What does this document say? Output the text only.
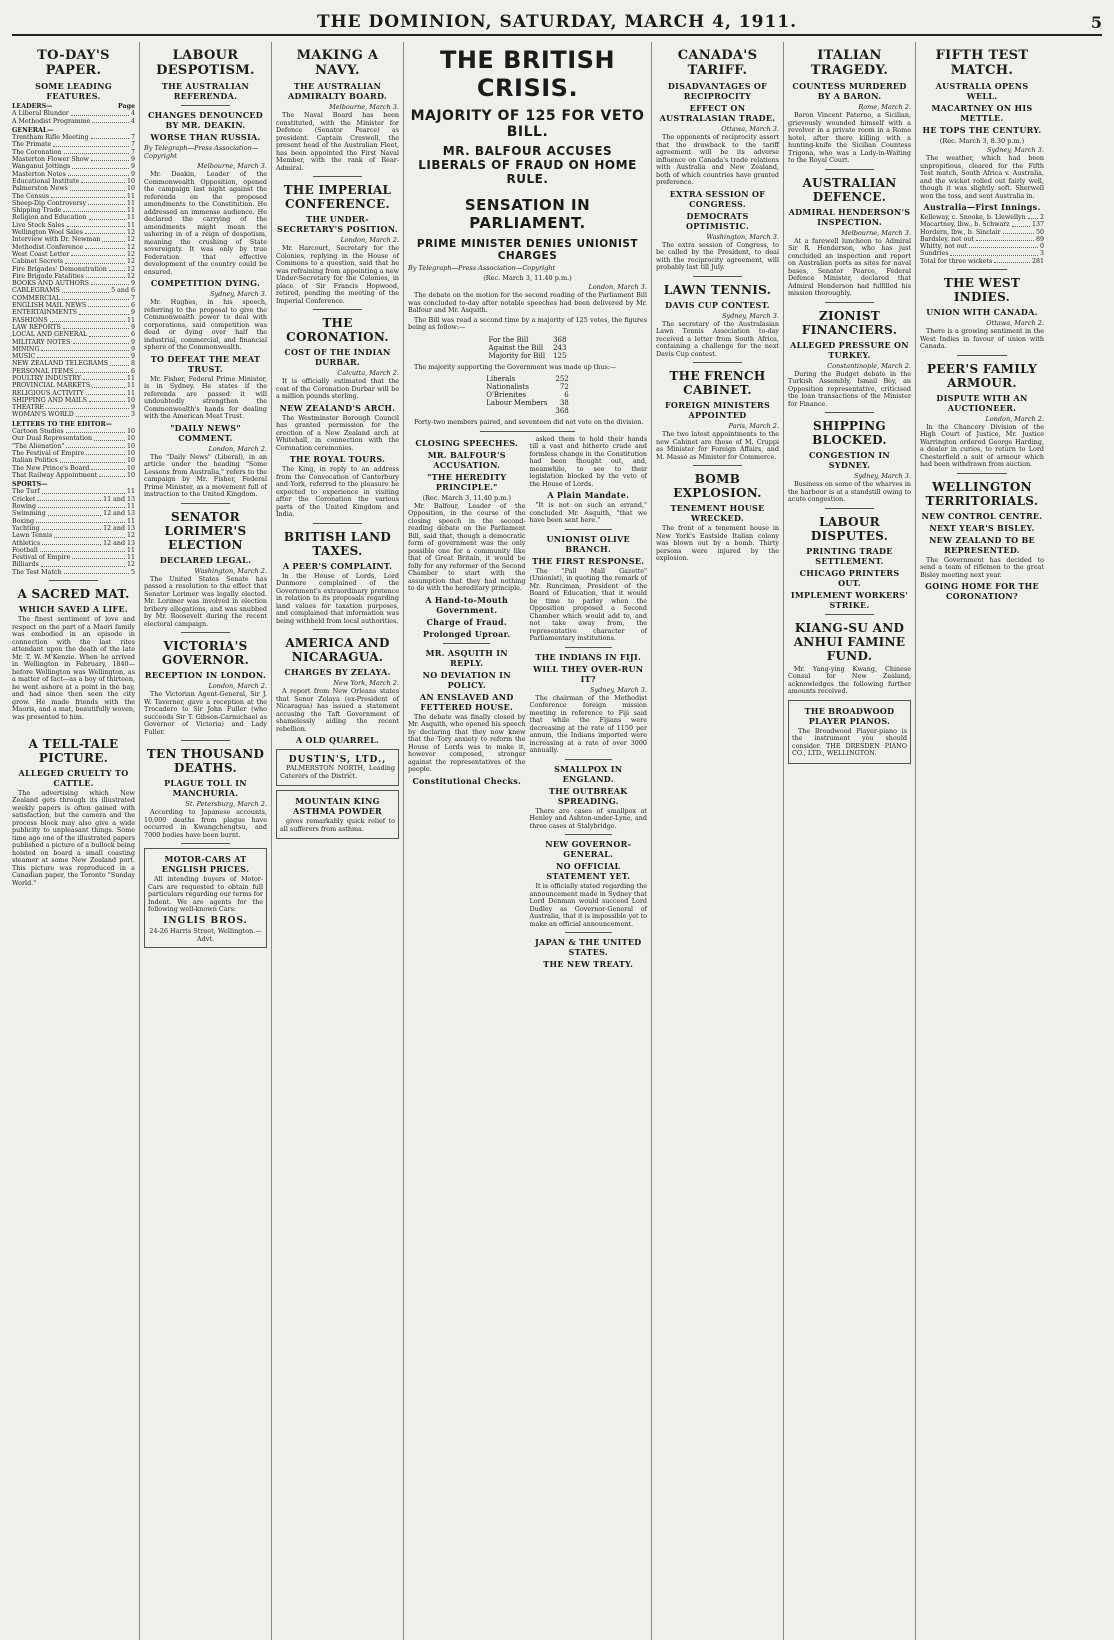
THE DOMINION, SATURDAY, MARCH 4, 1911.	5
TO-DAY'S PAPER.
SOME LEADING FEATURES.
LEADERS—	Page
A Liberal Blunder	4
A Methodist Programme	4
GENERAL—
Trentham Rifle Meeting	7
The Primate	7
The Coronation	7
Masterton Flower Show	9
Wanganui Jottings	9
Masterton Notes	9
Educational Institute	10
Palmerston News	10
The Census	11
Sheep-Dip Controversy	11
Shipping Trade	11
Religion and Education	11
Live Stock Sales	11
Wellington Wool Sales	12
Interview with Dr. Newman	12
Methodist Conference	12
West Coast Letter	12
Cabinet Secrets	12
Fire Brigades' Demonstration	12
Fire Brigade Fatalities	12
BOOKS AND AUTHORS	9
CABLEGRAMS	5 and 6
COMMERCIAL	7
ENGLISH MAIL NEWS	6
ENTERTAINMENTS	9
FASHIONS	11
LAW REPORTS	9
LOCAL AND GENERAL	6
MILITARY NOTES	9
MINING	9
MUSIC	9
NEW ZEALAND TELEGRAMS	8
PERSONAL ITEMS	6
POULTRY INDUSTRY	11
PROVINCIAL MARKETS	11
RELIGIOUS ACTIVITY	11
SHIPPING AND MAILS	10
THEATRE	9
WOMAN'S WORLD	3
LETTERS TO THE EDITOR—
Cartoon Studies	10
Our Dual Representation	10
"The Alienation"	10
The Festival of Empire	10
Italian Politics	10
The New Prince's Board	10
That Railway Appointment	10
SPORTS—
The Turf	11
Cricket	11 and 13
Rowing	11
Swimming	12 and 13
Boxing	11
Yachting	12 and 13
Lawn Tennis	12
Athletics	12 and 13
Football	11
Festival of Empire	11
Billiards	12
The Test Match	5
A SACRED MAT.
WHICH SAVED A LIFE.

The finest sentiment of love and respect on the part of a Maori family was embodied in an episode in connection with the last rites attendant upon the death of the late Mr. T. W. M'Kenzie. When he arrived in Wellington in February, 1840—before Wellington was Wellington, as a matter of fact—as a boy of thirteen, he went ashore at a point in the bay, and had since then seen the city grow. He made friends with the Maoris, and a mat, beautifully woven, was presented to him.

A TELL-TALE PICTURE.
ALLEGED CRUELTY TO CATTLE.

The advertising which New Zealand gets through its illustrated weekly papers is often gained with satisfaction, but the camera and the process block may also give a wide publicity to unpleasant things. Some time ago one of the illustrated papers published a picture of a bullock being hoisted on board a small coasting steamer at some New Zealand port. This picture was reproduced in a Canadian paper, the Toronto "Sunday World."

LABOUR DESPOTISM.
THE AUSTRALIAN REFERENDA.
CHANGES DENOUNCED BY MR. DEAKIN.
WORSE THAN RUSSIA.
By Telegraph—Press Association—Copyright
Melbourne, March 3.

Mr. Deakin, Leader of the Commonwealth Opposition, opened the campaign last night against the referenda on the proposed amendments to the Constitution. He addressed an immense audience. He declared the carrying of the amendments might mean the ushering in of a reign of despotism, meaning the crushing of State sovereignty. It was only by true Federation that effective development of the country could be ensured.

COMPETITION DYING.
Sydney, March 3.

Mr. Hughes, in his speech, referring to the proposal to give the Commonwealth power to deal with corporations, said competition was dead or dying over half the industrial, commercial, and financial sphere of the Commonwealth.

TO DEFEAT THE MEAT TRUST.

Mr. Fisher, Federal Prime Minister, is in Sydney. He states if the referenda are passed it will undoubtedly strengthen the Commonwealth's hands for dealing with the American Meat Trust.

"DAILY NEWS" COMMENT.
London, March 2.

The "Daily News" (Liberal), in an article under the heading "Some Lessons from Australia," refers to the campaign by Mr. Fisher, Federal Prime Minister, as a movement full of instruction to the United Kingdom.

SENATOR LORIMER'S ELECTION
DECLARED LEGAL.
Washington, March 2.

The United States Senate has passed a resolution to the effect that Senator Lorimer was legally elected. Mr. Lorimer was involved in election bribery allegations, and was snubbed by Mr. Roosevelt during the recent electoral campaign.

VICTORIA'S GOVERNOR.
RECEPTION IN LONDON.
London, March 2.

The Victorian Agent-General, Sir J. W. Taverner, gave a reception at the Trocadero to Sir John Fuller (who succeeds Sir T. Gibson-Carmichael as Governor of Victoria) and Lady Fuller.

TEN THOUSAND DEATHS.
PLAGUE TOLL IN MANCHURIA.
St. Petersburg, March 2.

According to Japanese accounts, 10,000 deaths from plague have occurred in Kwangchengtsu, and 7000 bodies have been burnt.

MOTOR-CARS AT ENGLISH PRICES.

All intending buyers of Motor-Cars are requested to obtain full particulars regarding our terms for Indent. We are agents for the following well-known Cars:

INGLIS BROS.
24-26 Harris Street, Wellington.—Advt.
MAKING A NAVY.
THE AUSTRALIAN ADMIRALTY BOARD.
Melbourne, March 3.

The Naval Board has been constituted, with the Minister for Defence (Senator Pearce) as president. Captain Creswell, the present head of the Australian Fleet, has been appointed the First Naval Member, with the rank of Rear-Admiral.

THE IMPERIAL CONFERENCE.
THE UNDER-SECRETARY'S POSITION.
London, March 2.

Mr. Harcourt, Secretary for the Colonies, replying in the House of Commons to a question, said that he was refraining from appointing a new Under-Secretary for the Colonies, in place of Sir Francis Hopwood, retired, pending the meeting of the Imperial Conference.

THE CORONATION.
COST OF THE INDIAN DURBAR.
Calcutta, March 2.

It is officially estimated that the cost of the Coronation Durbar will be a million pounds sterling.

NEW ZEALAND'S ARCH.

The Westminster Borough Council has granted permission for the erection of a New Zealand arch at Whitehall, in connection with the Coronation ceremonies.

THE ROYAL TOURS.

The King, in reply to an address from the Convocation of Canterbury and York, referred to the pleasure he expected to experience in visiting after the Coronation the various parts of the United Kingdom and India.

BRITISH LAND TAXES.
A PEER'S COMPLAINT.

In the House of Lords, Lord Dunmore complained of the Government's extraordinary pretence in relation to its proposals regarding land values for taxation purposes, and complained that information was being withheld from local authorities.

AMERICA AND NICARAGUA.
CHARGES BY ZELAYA.
New York, March 2.

A report from New Orleans states that Senor Zelaya (ex-President of Nicaragua) has issued a statement accusing the Taft Government of shamelessly aiding the recent rebellion.

A OLD QUARREL.
DUSTIN'S, LTD.,

PALMERSTON NORTH, Leading Caterers of the District.

MOUNTAIN KING ASTHMA POWDER

gives remarkably quick relief to all sufferers from asthma.

THE BRITISH CRISIS.
MAJORITY OF 125 FOR VETO BILL.
MR. BALFOUR ACCUSES LIBERALS OF FRAUD ON HOME RULE.
SENSATION IN PARLIAMENT.
PRIME MINISTER DENIES UNIONIST CHARGES
By Telegraph—Press Association—Copyright
(Rec. March 3, 11.40 p.m.)
London, March 3.

The debate on the motion for the second reading of the Parliament Bill was concluded to-day after notable speeches had been delivered by Mr. Balfour and Mr. Asquith.

The Bill was read a second time by a majority of 125 votes, the figures being as follow:—

For the Bill	368
Against the Bill	243
Majority for Bill	125

The majority supporting the Government was made up thus:—

Liberals	252
Nationalists	72
O'Brienites	6
Labour Members	38
	368

Forty-two members paired, and seventeen did not vote on the division.

CLOSING SPEECHES.
MR. BALFOUR'S ACCUSATION.
"THE HEREDITY PRINCIPLE."
(Rec. March 3, 11.40 p.m.)

Mr. Balfour, Leader of the Opposition, in the course of the closing speech in the second-reading debate on the Parliament Bill, said that, though a democratic form of government was the only possible one for a community like that of Great Britain, it would be folly for any reformer of the Second Chamber to start with the assumption that they had nothing to do with the hereditary principle.

A Hand-to-Mouth Government.
Charge of Fraud.
Prolonged Uproar.
MR. ASQUITH IN REPLY.
NO DEVIATION IN POLICY.
AN ENSLAVED AND FETTERED HOUSE.

The debate was finally closed by Mr. Asquith, who opened his speech by declaring that they now knew that the Tory anxiety to reform the House of Lords was to make it, however composed, stronger against the representatives of the people.

Constitutional Checks.

asked them to hold their hands till a vast and hitherto crude and formless change in the Constitution had been thought out, and, meanwhile, to see to their legislation blocked by the veto of the House of Lords.

A Plain Mandate.

"It is not on such an errand," concluded Mr. Asquith, "that we have been sent here."

UNIONIST OLIVE BRANCH.
THE FIRST RESPONSE.

The "Pall Mall Gazette" (Unionist), in quoting the remark of Mr. Runciman, President of the Board of Education, that it would be time to parley when the Opposition proposed a Second Chamber which would add to, and not take away from, the representative character of Parliamentary institutions.

THE INDIANS IN FIJI.
WILL THEY OVER-RUN IT?
Sydney, March 3.

The chairman of the Methodist Conference foreign mission meeting in reference to Fiji said that while the Fijians were decreasing at the rate of 1150 per annum, the Indians imported were increasing at a rate of over 3000 annually.

SMALLPOX IN ENGLAND.
THE OUTBREAK SPREADING.

There are cases of smallpox at Henley and Ashton-under-Lyne, and three cases at Stalybridge.

NEW GOVERNOR-GENERAL.
NO OFFICIAL STATEMENT YET.

It is officially stated regarding the announcement made in Sydney that Lord Denman would succeed Lord Dudley as Governor-General of Australia, that it is impossible yet to make an official announcement.

JAPAN & THE UNITED STATES.
THE NEW TREATY.
CANADA'S TARIFF.
DISADVANTAGES OF RECIPROCITY
EFFECT ON AUSTRALASIAN TRADE.
Ottawa, March 3.

The opponents of reciprocity assert that the drawback to the tariff agreement will be its adverse influence on Canada's trade relations with Australia and New Zealand, both of which countries have granted preference.

EXTRA SESSION OF CONGRESS.
DEMOCRATS OPTIMISTIC.
Washington, March 3.

The extra session of Congress, to be called by the President, to deal with the reciprocity agreement, will probably last till July.

LAWN TENNIS.
DAVIS CUP CONTEST.
Sydney, March 3.

The secretary of the Australasian Lawn Tennis Association to-day received a letter from South Africa, containing a challenge for the next Davis Cup contest.

THE FRENCH CABINET.
FOREIGN MINISTERS APPOINTED
Paris, March 2.

The two latest appointments to the new Cabinet are those of M. Cruppi as Minister for Foreign Affairs, and M. Massé as Minister for Commerce.

BOMB EXPLOSION.
TENEMENT HOUSE WRECKED.

The front of a tenement house in New York's Eastside Italian colony was blown out by a bomb. Thirty persons were injured by the explosion.

ITALIAN TRAGEDY.
COUNTESS MURDERED BY A BARON.
Rome, March 2.

Baron Vincent Paterno, a Sicilian, grievously wounded himself with a revolver in a private room in a Rome hotel, after there killing with a hunting-knife the Sicilian Countess Trigona, who was a Lady-in-Waiting to the Royal Court.

AUSTRALIAN DEFENCE.
ADMIRAL HENDERSON'S INSPECTION.
Melbourne, March 3.

At a farewell luncheon to Admiral Sir R. Henderson, who has just concluded an inspection and report on Australian ports as sites for naval bases, Senator Pearce, Federal Defence Minister, declared that Admiral Henderson had fulfilled his mission thoroughly.

ZIONIST FINANCIERS.
ALLEGED PRESSURE ON TURKEY.
Constantinople, March 2.

During the Budget debate in the Turkish Assembly, Ismail Bey, an Opposition representative, criticised the loan transactions of the Minister for Finance.

SHIPPING BLOCKED.
CONGESTION IN SYDNEY.
Sydney, March 3.

Business on some of the wharves in the harbour is at a standstill owing to acute congestion.

LABOUR DISPUTES.
PRINTING TRADE SETTLEMENT.
CHICAGO PRINTERS OUT.
IMPLEMENT WORKERS' STRIKE.
KIANG-SU AND ANHUI FAMINE FUND.

Mr. Yang-ying Kwang, Chinese Consul for New Zealand, acknowledges the following further amounts received.

THE BROADWOOD PLAYER PIANOS.

The Broadwood Player-piano is the instrument you should consider. THE DRESDEN PIANO CO., LTD., WELLINGTON.

FIFTH TEST MATCH.
AUSTRALIA OPENS WELL.
MACARTNEY ON HIS METTLE.
HE TOPS THE CENTURY.
(Rec. March 3, 8.30 p.m.)
Sydney, March 3.

The weather, which had been unpropitious, cleared for the Fifth Test match, South Africa v. Australia, and the wicket rolled out fairly well, though it was slightly soft. Sherwell won the toss, and sent Australia in.

Australia—First Innings.
Kelleway, c. Snooke, b. Llewellyn 2
Macartney, lbw., b. Schwarz	137
Hordern, lbw., b. Sinclair	50
Bardsley, not out	89
Whitty, not out	0
Sundries	3
Total for three wickets	281
THE WEST INDIES.
UNION WITH CANADA.
Ottawa, March 2.

There is a growing sentiment in the West Indies in favour of union with Canada.

PEER'S FAMILY ARMOUR.
DISPUTE WITH AN AUCTIONEER.
London, March 2.

In the Chancery Division of the High Court of Justice, Mr. Justice Warrington ordered George Harding, a dealer in curios, to return to Lord Chesterfield a suit of armour which had been withdrawn from auction.

WELLINGTON TERRITORIALS.
NEW CONTROL CENTRE.
NEXT YEAR'S BISLEY.
NEW ZEALAND TO BE REPRESENTED.

The Government has decided to send a team of riflemen to the great Bisley meeting next year.

GOING HOME FOR THE CORONATION?
